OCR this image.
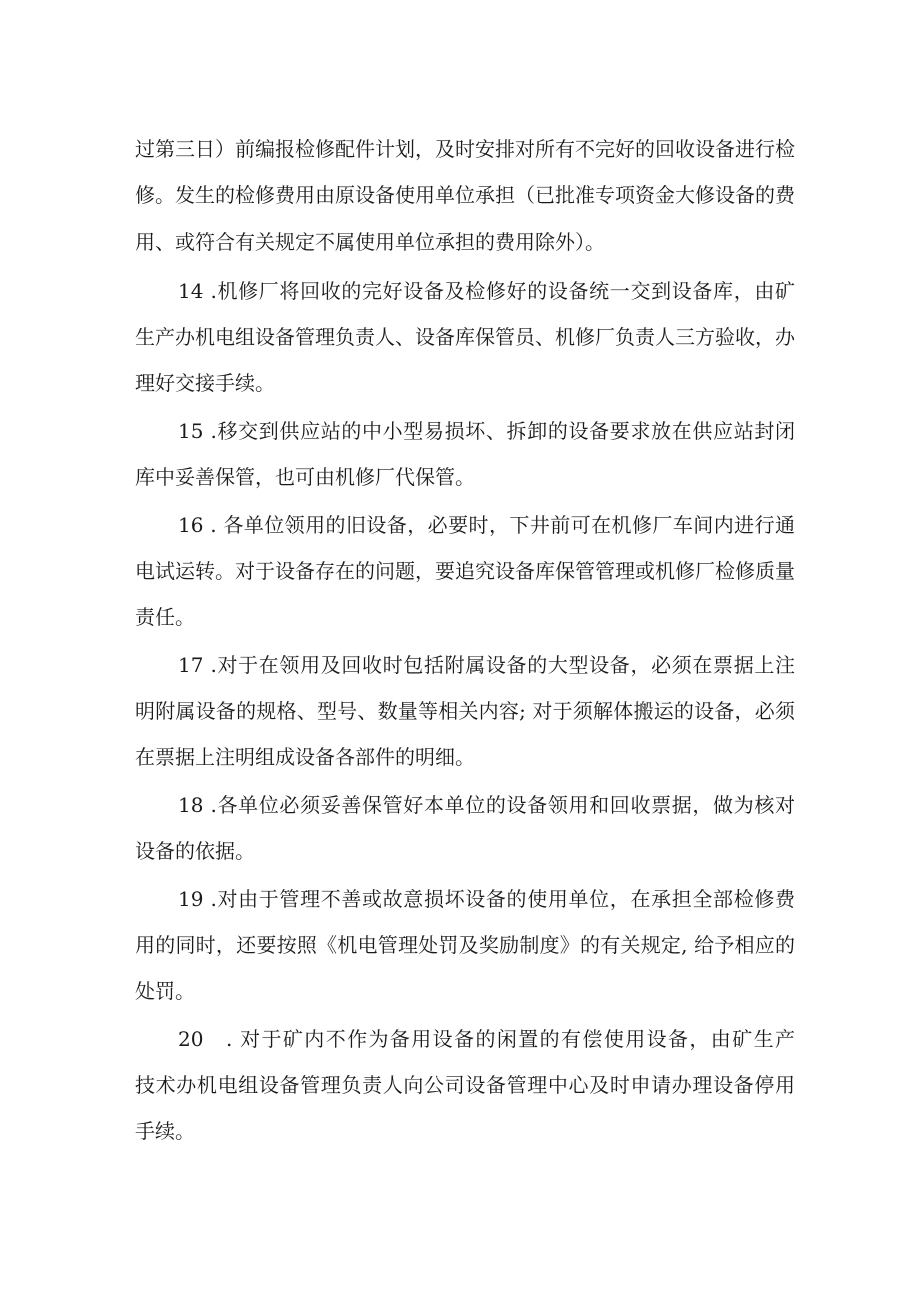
过第三日）前编报检修配件计划，及时安排对所有不完好的回收设备进行检
修。发生的检修费用由原设备使用单位承担（已批准专项资金大修设备的费
用、或符合有关规定不属使用单位承担的费用除外）。
14 .机修厂将回收的完好设备及检修好的设备统一交到设备库，由矿
生产办机电组设备管理负责人、设备库保管员、机修厂负责人三方验收，办
理好交接手续。
15 .移交到供应站的中小型易损坏、拆卸的设备要求放在供应站封闭
库中妥善保管，也可由机修厂代保管。
16 . 各单位领用的旧设备，必要时，下井前可在机修厂车间内进行通
电试运转。对于设备存在的问题，要追究设备库保管管理或机修厂检修质量
责任。
17 .对于在领用及回收时包括附属设备的大型设备，必须在票据上注
明附属设备的规格、型号、数量等相关内容; 对于须解体搬运的设备，必须
在票据上注明组成设备各部件的明细。
18 .各单位必须妥善保管好本单位的设备领用和回收票据，做为核对
设备的依据。
19 .对由于管理不善或故意损坏设备的使用单位，在承担全部检修费
用的同时，还要按照《机电管理处罚及奖励制度》的有关规定, 给予相应的
处罚。
20 . 对于矿内不作为备用设备的闲置的有偿使用设备，由矿生产
技术办机电组设备管理负责人向公司设备管理中心及时申请办理设备停用
手续。
